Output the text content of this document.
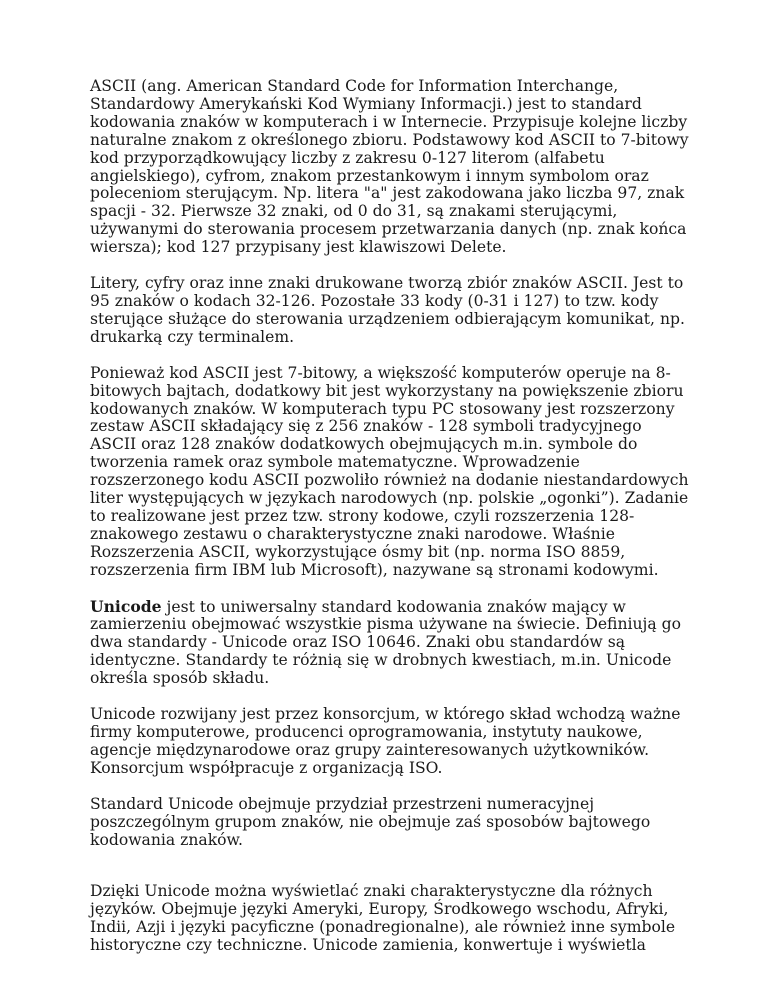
ASCII (ang. American Standard Code for Information Interchange, Standardowy Amerykański Kod Wymiany Informacji.) jest to standard kodowania znaków w komputerach i w Internecie. Przypisuje kolejne liczby naturalne znakom z określonego zbioru. Podstawowy kod ASCII to 7-bitowy kod przyporządkowujący liczby z zakresu 0-127 literom (alfabetu angielskiego), cyfrom, znakom przestankowym i innym symbolom oraz poleceniom sterującym. Np. litera "a" jest zakodowana jako liczba 97, znak spacji - 32. Pierwsze 32 znaki, od 0 do 31, są znakami sterującymi, używanymi do sterowania procesem przetwarzania danych (np. znak końca wiersza); kod 127 przypisany jest klawiszowi Delete.

Litery, cyfry oraz inne znaki drukowane tworzą zbiór znaków ASCII. Jest to 95 znaków o kodach 32-126. Pozostałe 33 kody (0-31 i 127) to tzw. kody sterujące służące do sterowania urządzeniem odbierającym komunikat, np. drukarką czy terminalem.

Ponieważ kod ASCII jest 7-bitowy, a większość komputerów operuje na 8-bitowych bajtach, dodatkowy bit jest wykorzystany na powiększenie zbioru kodowanych znaków. W komputerach typu PC stosowany jest rozszerzony zestaw ASCII składający się z 256 znaków - 128 symboli tradycyjnego ASCII oraz 128 znaków dodatkowych obejmujących m.in. symbole do tworzenia ramek oraz symbole matematyczne. Wprowadzenie rozszerzonego kodu ASCII pozwoliło również na dodanie niestandardowych liter występujących w językach narodowych (np. polskie „ogonki”). Zadanie to realizowane jest przez tzw. strony kodowe, czyli rozszerzenia 128-znakowego zestawu o charakterystyczne znaki narodowe. Właśnie Rozszerzenia ASCII, wykorzystujące ósmy bit (np. norma ISO 8859, rozszerzenia firm IBM lub Microsoft), nazywane są stronami kodowymi.

Unicode jest to uniwersalny standard kodowania znaków mający w zamierzeniu obejmować wszystkie pisma używane na świecie. Definiują go dwa standardy - Unicode oraz ISO 10646. Znaki obu standardów są identyczne. Standardy te różnią się w drobnych kwestiach, m.in. Unicode określa sposób składu.

Unicode rozwijany jest przez konsorcjum, w którego skład wchodzą ważne firmy komputerowe, producenci oprogramowania, instytuty naukowe, agencje międzynarodowe oraz grupy zainteresowanych użytkowników. Konsorcjum współpracuje z organizacją ISO.

Standard Unicode obejmuje przydział przestrzeni numeracyjnej poszczególnym grupom znaków, nie obejmuje zaś sposobów bajtowego kodowania znaków.

Dzięki Unicode można wyświetlać znaki charakterystyczne dla różnych języków. Obejmuje języki Ameryki, Europy, Środkowego wschodu, Afryki, Indii, Azji i języki pacyficzne (ponadregionalne), ale również inne symbole historyczne czy techniczne. Unicode zamienia, konwertuje i wyświetla
